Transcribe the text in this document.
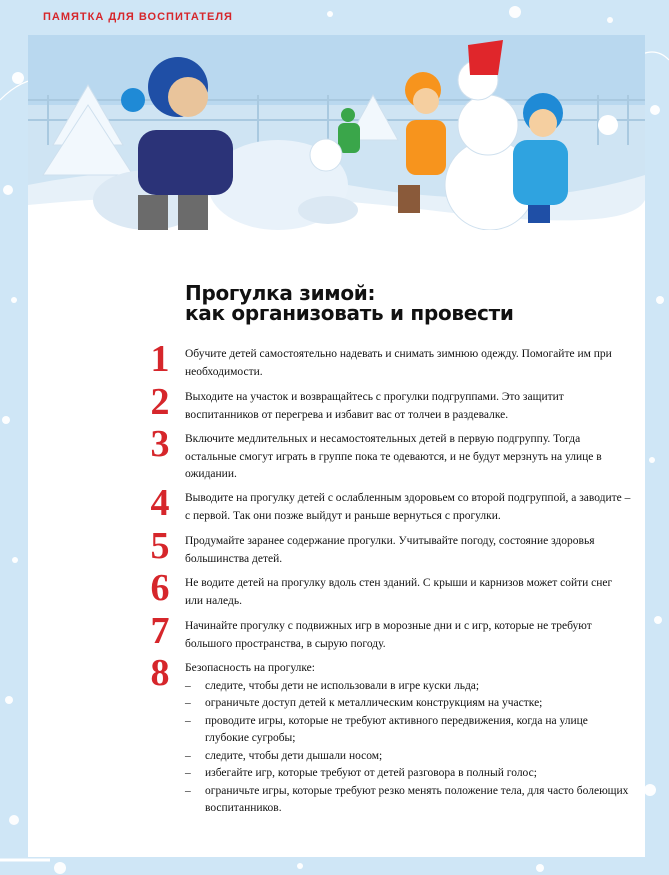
ПАМЯТКА ДЛЯ ВОСПИТАТЕЛЯ
Прогулка зимой:
как организовать и провести
1	Обучите детей самостоятельно надевать и снимать зимнюю одежду. Помогайте им при необходимости.
2	Выходите на участок и возвращайтесь с прогулки подгруппами. Это защитит воспитанников от перегрева и избавит вас от толчеи в раздевалке.
3	Включите медлительных и несамостоятельных детей в первую подгруппу. Тогда остальные смогут играть в группе пока те одеваются, и не будут мерзнуть на улице в ожидании.
4	Выводите на прогулку детей с ослабленным здоровьем со второй подгруппой, а заводите – с первой. Так они позже выйдут и раньше вернуться с прогулки.
5	Продумайте заранее содержание прогулки. Учитывайте погоду, состояние здоровья большинства детей.
6	Не водите детей на прогулку вдоль стен зданий. С крыши и карнизов может сойти снег или наледь.
7	Начинайте прогулку с подвижных игр в морозные дни и с игр, которые не требуют большого пространства, в сырую погоду.
8	Безопасность на прогулке:
– следите, чтобы дети не использовали в игре куски льда;
– ограничьте доступ детей к металлическим конструкциям на участке;
– проводите игры, которые не требуют активного передвижения, когда на улице глубокие сугробы;
– следите, чтобы дети дышали носом;
– избегайте игр, которые требуют от детей разговора в полный голос;
– ограничьте игры, которые требуют резко менять положение тела, для часто болеющих воспитанников.
